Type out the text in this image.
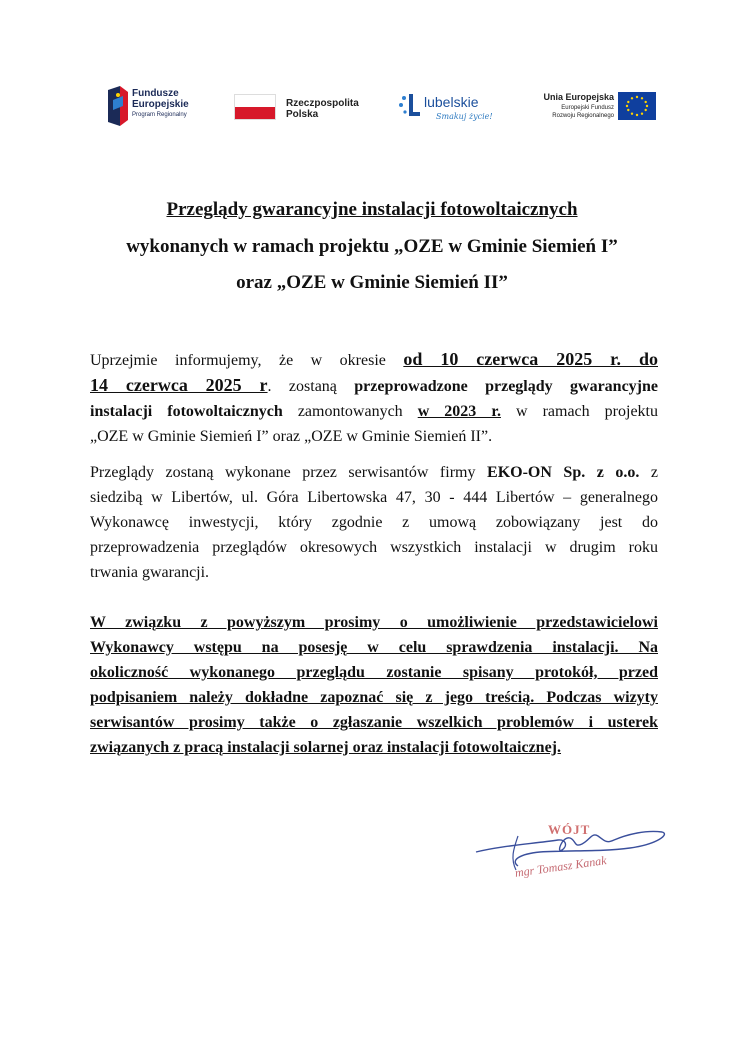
Fundusze
Europejskie
Program Regionalny
Rzeczpospolita
Polska
lubelskie
Smakuj życie!
Unia Europejska
Europejski Fundusz
Rozwoju Regionalnego
Przeglądy gwarancyjne instalacji fotowoltaicznych
wykonanych w ramach projektu „OZE w Gminie Siemień I”
oraz „OZE w Gminie Siemień II”
Uprzejmie informujemy, że w okresie od 10 czerwca 2025 r. do
14 czerwca 2025 r. zostaną przeprowadzone przeglądy gwarancyjne
instalacji fotowoltaicznych zamontowanych w 2023 r. w ramach projektu
„OZE w Gminie Siemień I” oraz „OZE w Gminie Siemień II”.
Przeglądy zostaną wykonane przez serwisantów firmy EKO-ON Sp. z o.o. z
siedzibą w Libertów, ul. Góra Libertowska 47, 30 - 444 Libertów – generalnego
Wykonawcę inwestycji, który zgodnie z umową zobowiązany jest do
przeprowadzenia przeglądów okresowych wszystkich instalacji w drugim roku
trwania gwarancji.
W związku z powyższym prosimy o umożliwienie przedstawicielowi
Wykonawcy wstępu na posesję w celu sprawdzenia instalacji. Na
okoliczność wykonanego przeglądu zostanie spisany protokół, przed
podpisaniem należy dokładne zapoznać się z jego treścią. Podczas wizyty
serwisantów prosimy także o zgłaszanie wszelkich problemów i usterek
związanych z pracą instalacji solarnej oraz instalacji fotowoltaicznej.
WÓJT
mgr Tomasz Kanak
